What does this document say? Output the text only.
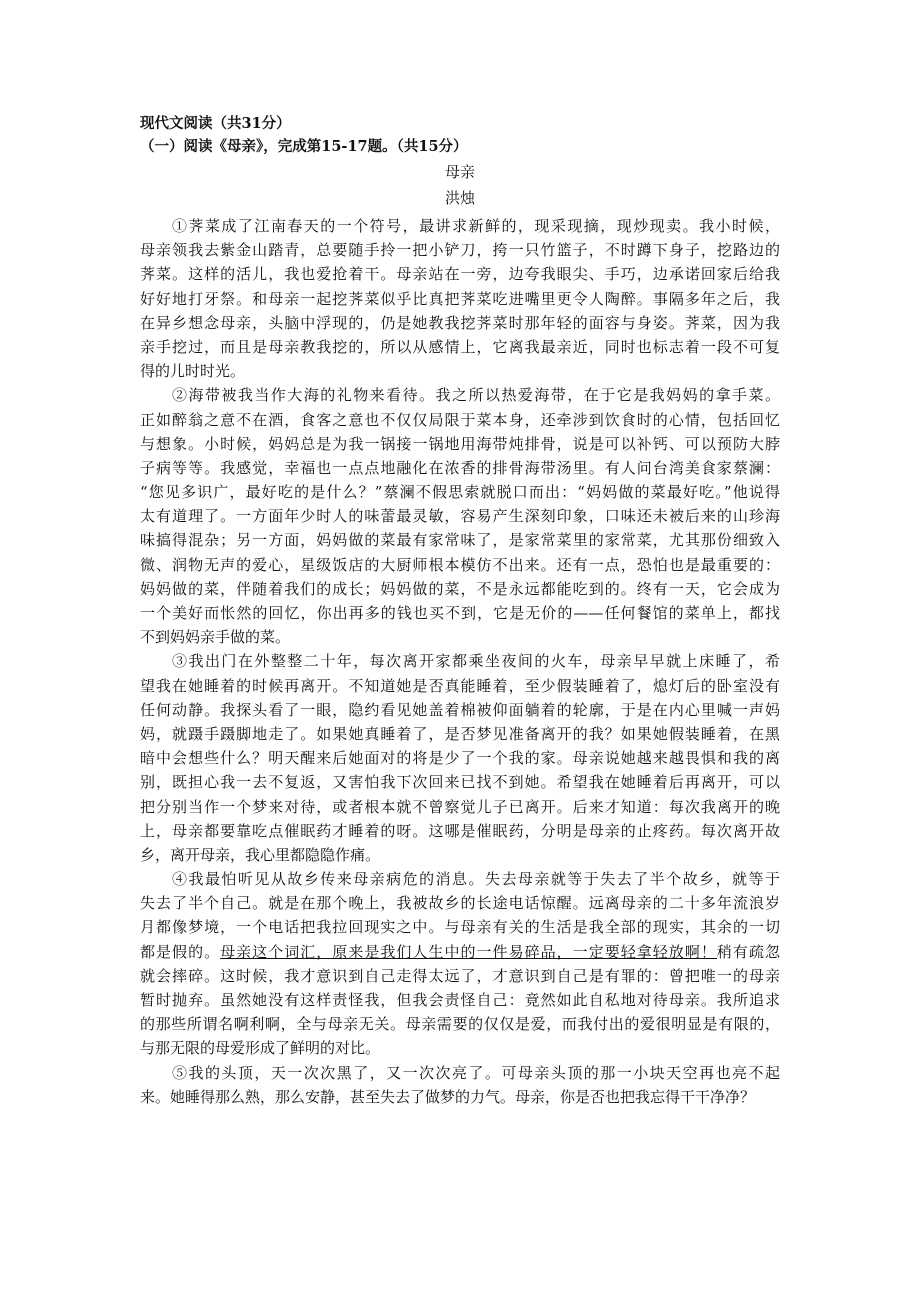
现代文阅读（共31分）
（一）阅读《母亲》，完成第15-17题。（共15分）
母亲
洪烛
①荠菜成了江南春天的一个符号，最讲求新鲜的，现采现摘，现炒现卖。我小时候，
母亲领我去紫金山踏青，总要随手拎一把小铲刀，挎一只竹篮子，不时蹲下身子，挖路边的
荠菜。这样的活儿，我也爱抢着干。母亲站在一旁，边夸我眼尖、手巧，边承诺回家后给我
好好地打牙祭。和母亲一起挖荠菜似乎比真把荠菜吃进嘴里更令人陶醉。事隔多年之后，我
在异乡想念母亲，头脑中浮现的，仍是她教我挖荠菜时那年轻的面容与身姿。荠菜，因为我
亲手挖过，而且是母亲教我挖的，所以从感情上，它离我最亲近，同时也标志着一段不可复
得的儿时时光。
②海带被我当作大海的礼物来看待。我之所以热爱海带，在于它是我妈妈的拿手菜。
正如醉翁之意不在酒，食客之意也不仅仅局限于菜本身，还牵涉到饮食时的心情，包括回忆
与想象。小时候，妈妈总是为我一锅接一锅地用海带炖排骨，说是可以补钙、可以预防大脖
子病等等。我感觉，幸福也一点点地融化在浓香的排骨海带汤里。有人问台湾美食家蔡澜：
“您见多识广，最好吃的是什么？”蔡澜不假思索就脱口而出：“妈妈做的菜最好吃。”他说得
太有道理了。一方面年少时人的味蕾最灵敏，容易产生深刻印象，口味还未被后来的山珍海
味搞得混杂；另一方面，妈妈做的菜最有家常味了，是家常菜里的家常菜，尤其那份细致入
微、润物无声的爱心，星级饭店的大厨师根本模仿不出来。还有一点，恐怕也是最重要的：
妈妈做的菜，伴随着我们的成长；妈妈做的菜，不是永远都能吃到的。终有一天，它会成为
一个美好而怅然的回忆，你出再多的钱也买不到，它是无价的——任何餐馆的菜单上，都找
不到妈妈亲手做的菜。
③我出门在外整整二十年，每次离开家都乘坐夜间的火车，母亲早早就上床睡了，希
望我在她睡着的时候再离开。不知道她是否真能睡着，至少假装睡着了，熄灯后的卧室没有
任何动静。我探头看了一眼，隐约看见她盖着棉被仰面躺着的轮廓，于是在内心里喊一声妈
妈，就蹑手蹑脚地走了。如果她真睡着了，是否梦见准备离开的我？如果她假装睡着，在黑
暗中会想些什么？明天醒来后她面对的将是少了一个我的家。母亲说她越来越畏惧和我的离
别，既担心我一去不复返，又害怕我下次回来已找不到她。希望我在她睡着后再离开，可以
把分别当作一个梦来对待，或者根本就不曾察觉儿子已离开。后来才知道：每次我离开的晚
上，母亲都要靠吃点催眠药才睡着的呀。这哪是催眠药，分明是母亲的止疼药。每次离开故
乡，离开母亲，我心里都隐隐作痛。
④我最怕听见从故乡传来母亲病危的消息。失去母亲就等于失去了半个故乡，就等于
失去了半个自己。就是在那个晚上，我被故乡的长途电话惊醒。远离母亲的二十多年流浪岁
月都像梦境，一个电话把我拉回现实之中。与母亲有关的生活是我全部的现实，其余的一切
都是假的。母亲这个词汇，原来是我们人生中的一件易碎品，一定要轻拿轻放啊！稍有疏忽
就会摔碎。这时候，我才意识到自己走得太远了，才意识到自己是有罪的：曾把唯一的母亲
暂时抛弃。虽然她没有这样责怪我，但我会责怪自己：竟然如此自私地对待母亲。我所追求
的那些所谓名啊利啊，全与母亲无关。母亲需要的仅仅是爱，而我付出的爱很明显是有限的，
与那无限的母爱形成了鲜明的对比。
⑤我的头顶，天一次次黑了，又一次次亮了。可母亲头顶的那一小块天空再也亮不起
来。她睡得那么熟，那么安静，甚至失去了做梦的力气。母亲，你是否也把我忘得干干净净？
